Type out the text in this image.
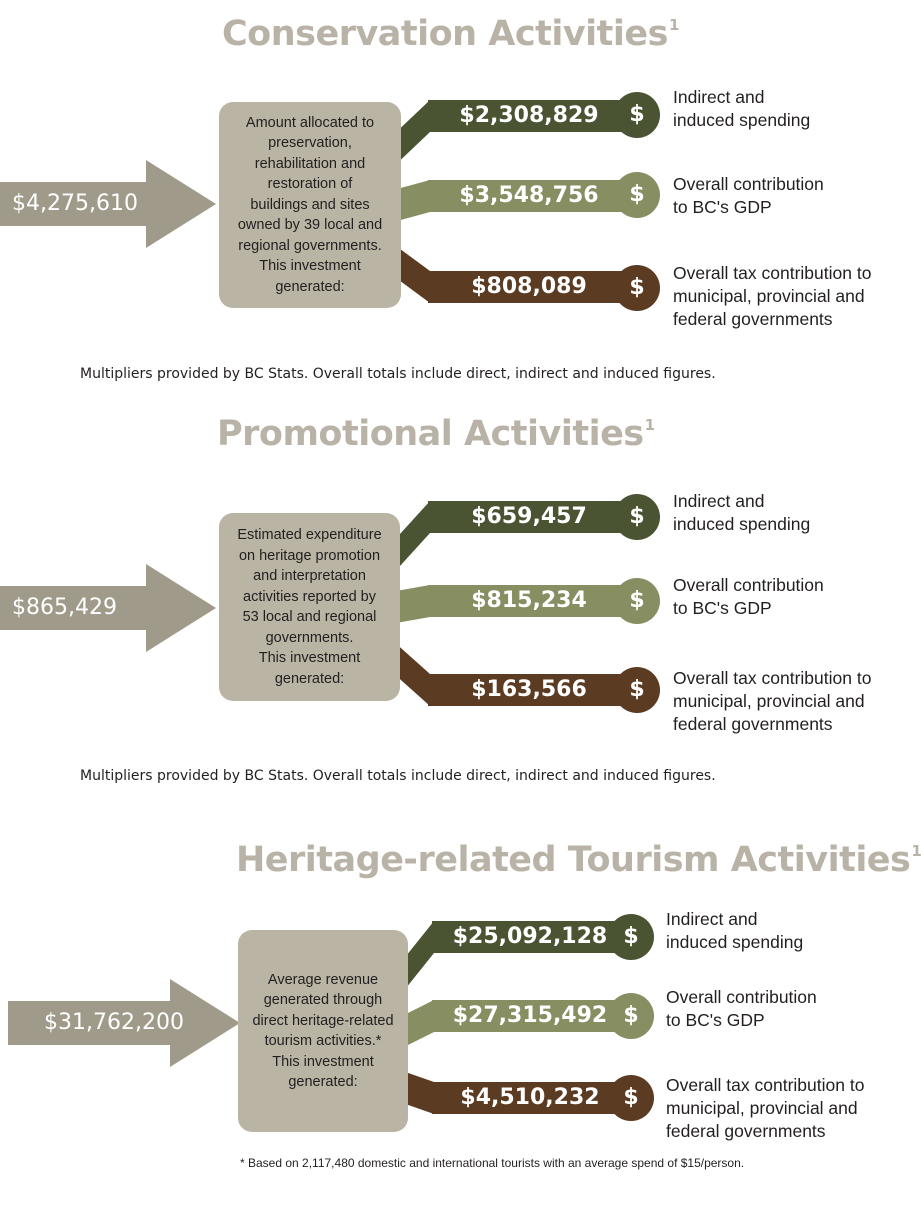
Conservation Activities$^1$
$4,275,610
Amount allocated to
preservation,
rehabilitation and
restoration of
buildings and sites
owned by 39 local and
regional governments.
This investment
generated:
$2,308,829	$
Indirect and
induced spending
$3,548,756	$	Overall contribution
to BC's GDP
$808,089	$
Overall tax contribution to
municipal, provincial and
federal governments
Multipliers provided by BC Stats. Overall totals include direct, indirect and induced figures.
Promotional Activities$^1$
$865,429
Estimated expenditure
on heritage promotion
and interpretation
activities reported by
53 local and regional
governments.
This investment
generated:
$659,457	$
Indirect and
induced spending
$815,234	$
Overall contribution
to BC's GDP
$163,566	$	Overall tax contribution to
municipal, provincial and
federal governments
Multipliers provided by BC Stats. Overall totals include direct, indirect and induced figures.
Heritage-related Tourism Activities$^1$
$31,762,200
Average revenue
generated through
direct heritage-related
tourism activities.*
This investment
generated:
$25,092,128 $
Indirect and
induced spending
$27,315,492 $
Overall contribution
to BC's GDP
$4,510,232	$	Overall tax contribution to
municipal, provincial and
federal governments
* Based on 2,117,480 domestic and international tourists with an average spend of $15/person.
